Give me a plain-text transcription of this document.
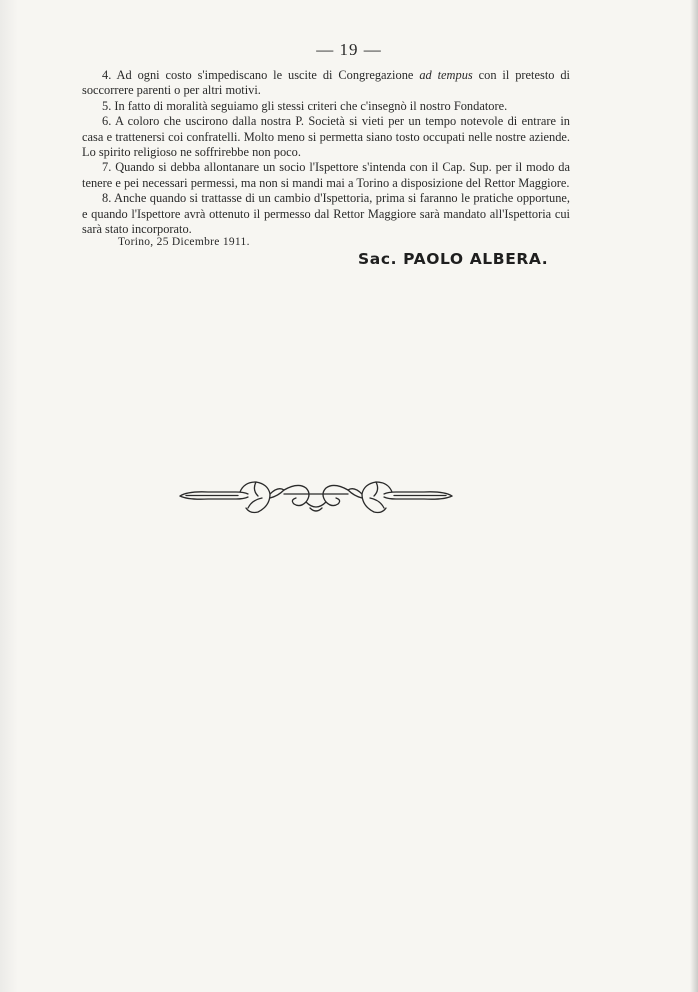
— 19 —

4. Ad ogni costo s'impediscano le uscite di Congregazione ad tempus con il pretesto di soccorrere parenti o per altri motivi.

5. In fatto di moralità seguiamo gli stessi criteri che c'insegnò il nostro Fondatore.

6. A coloro che uscirono dalla nostra P. Società si vieti per un tempo notevole di entrare in casa e trattenersi coi confratelli. Molto meno si permetta siano tosto occupati nelle nostre aziende. Lo spirito religioso ne soffrirebbe non poco.

7. Quando si debba allontanare un socio l'Ispettore s'intenda con il Cap. Sup. per il modo da tenere e pei necessari permessi, ma non si mandi mai a Torino a disposizione del Rettor Maggiore.

8. Anche quando si trattasse di un cambio d'Ispettoria, prima si faranno le pratiche opportune, e quando l'Ispettore avrà ottenuto il permesso dal Rettor Maggiore sarà mandato all'Ispettoria cui sarà stato incorporato.

Torino, 25 Dicembre 1911.
Sac. PAOLO ALBERA.
